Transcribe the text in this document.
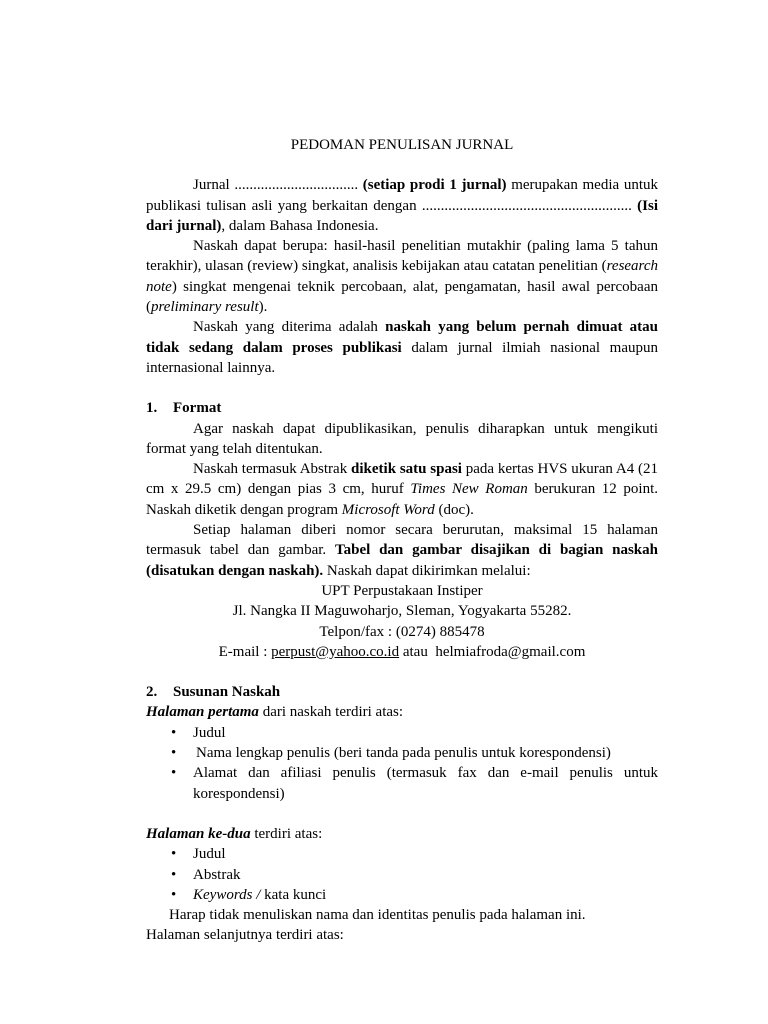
PEDOMAN PENULISAN JURNAL

Jurnal ................................. (setiap prodi 1 jurnal) merupakan media untuk publikasi tulisan asli yang berkaitan dengan ........................................................ (Isi dari jurnal), dalam Bahasa Indonesia.

Naskah dapat berupa: hasil-hasil penelitian mutakhir (paling lama 5 tahun terakhir), ulasan (review) singkat, analisis kebijakan atau catatan penelitian (research note) singkat mengenai teknik percobaan, alat, pengamatan, hasil awal percobaan (preliminary result).

Naskah yang diterima adalah naskah yang belum pernah dimuat atau tidak sedang dalam proses publikasi dalam jurnal ilmiah nasional maupun internasional lainnya.

1.	Format

Agar naskah dapat dipublikasikan, penulis diharapkan untuk mengikuti format yang telah ditentukan.

Naskah termasuk Abstrak diketik satu spasi pada kertas HVS ukuran A4 (21 cm x 29.5 cm) dengan pias 3 cm, huruf Times New Roman berukuran 12 point. Naskah diketik dengan program Microsoft Word (doc).

Setiap halaman diberi nomor secara berurutan, maksimal 15 halaman termasuk tabel dan gambar. Tabel dan gambar disajikan di bagian naskah (disatukan dengan naskah). Naskah dapat dikirimkan melalui:

UPT Perpustakaan Instiper

Jl. Nangka II Maguwoharjo, Sleman, Yogyakarta 55282.

Telpon/fax : (0274) 885478

E-mail : perpust@yahoo.co.id atau  helmiafroda@gmail.com

2.	Susunan Naskah

Halaman pertama dari naskah terdiri atas:

• Judul
• Nama lengkap penulis (beri tanda pada penulis untuk korespondensi)
• Alamat dan afiliasi penulis (termasuk fax dan e-mail penulis untuk korespondensi)

Halaman ke-dua terdiri atas:

• Judul
• Abstrak
• Keywords / kata kunci

Harap tidak menuliskan nama dan identitas penulis pada halaman ini.

Halaman selanjutnya terdiri atas:
